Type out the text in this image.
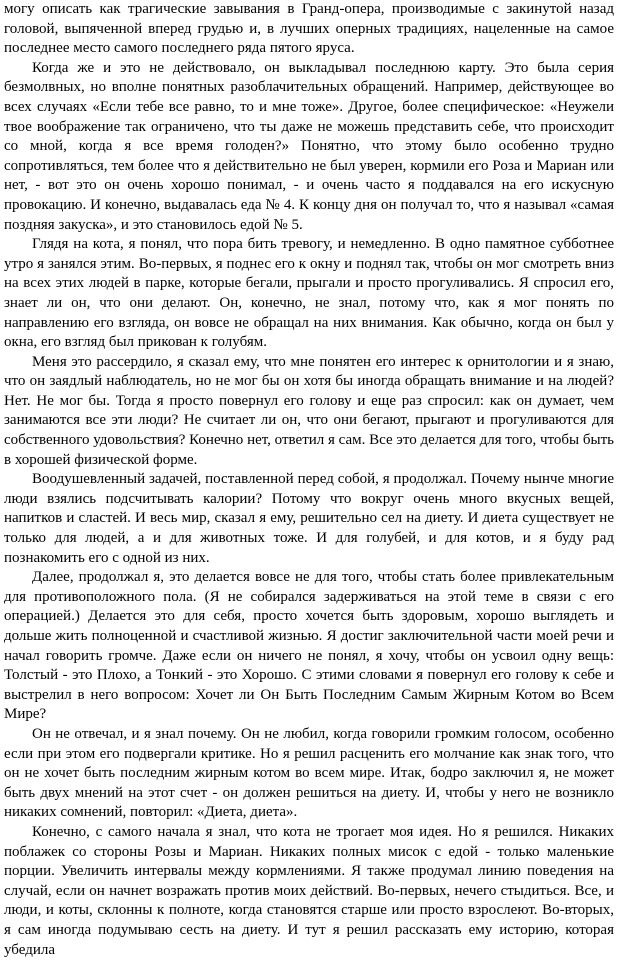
могу описать как трагические завывания в Гранд-опера, производимые с закинутой назад головой, выпяченной вперед грудью и, в лучших оперных традициях, нацеленные на самое последнее место самого последнего ряда пятого яруса.

Когда же и это не действовало, он выкладывал последнюю карту. Это была серия безмолвных, но вполне понятных разоблачительных обращений. Например, действующее во всех случаях «Если тебе все равно, то и мне тоже». Другое, более специфическое: «Неужели твое воображение так ограничено, что ты даже не можешь представить себе, что происходит со мной, когда я все время голоден?» Понятно, что этому было особенно трудно сопротивляться, тем более что я действительно не был уверен, кормили его Роза и Мариан или нет, - вот это он очень хорошо понимал, - и очень часто я поддавался на его искусную провокацию. И конечно, выдавалась еда № 4. К концу дня он получал то, что я называл «самая поздняя закуска», и это становилось едой № 5.

Глядя на кота, я понял, что пора бить тревогу, и немедленно. В одно памятное субботнее утро я занялся этим. Во-первых, я поднес его к окну и поднял так, чтобы он мог смотреть вниз на всех этих людей в парке, которые бегали, прыгали и просто прогуливались. Я спросил его, знает ли он, что они делают. Он, конечно, не знал, потому что, как я мог понять по направлению его взгляда, он вовсе не обращал на них внимания. Как обычно, когда он был у окна, его взгляд был прикован к голубям.

Меня это расcердило, я сказал ему, что мне понятен его интерес к орнитологии и я знаю, что он заядлый наблюдатель, но не мог бы он хотя бы иногда обращать внимание и на людей? Нет. Не мог бы. Тогда я просто повернул его голову и еще раз спросил: как он думает, чем занимаются все эти люди? Не считает ли он, что они бегают, прыгают и прогуливаются для собственного удовольствия? Конечно нет, ответил я сам. Все это делается для того, чтобы быть в хорошей физической форме.

Воодушевленный задачей, поставленной перед собой, я продолжал. Почему нынче многие люди взялись подсчитывать калории? Потому что вокруг очень много вкусных вещей, напитков и сластей. И весь мир, сказал я ему, решительно сел на диету. И диета существует не только для людей, а и для животных тоже. И для голубей, и для котов, и я буду рад познакомить его с одной из них.

Далее, продолжал я, это делается вовсе не для того, чтобы стать более привлекательным для противоположного пола. (Я не собирался задерживаться на этой теме в связи с его операцией.) Делается это для себя, просто хочется быть здоровым, хорошо выглядеть и дольше жить полноценной и счастливой жизнью. Я достиг заключительной части моей речи и начал говорить громче. Даже если он ничего не понял, я хочу, чтобы он усвоил одну вещь: Толстый - это Плохо, а Тонкий - это Хорошо. С этими словами я повернул его голову к себе и выстрелил в него вопросом: Хочет ли Он Быть Последним Самым Жирным Котом во Всем Мире?

Он не отвечал, и я знал почему. Он не любил, когда говорили громким голосом, особенно если при этом его подвергали критике. Но я решил расценить его молчание как знак того, что он не хочет быть последним жирным котом во всем мире. Итак, бодро заключил я, не может быть двух мнений на этот счет - он должен решиться на диету. И, чтобы у него не возникло никаких сомнений, повторил: «Диета, диета».

Конечно, с самого начала я знал, что кота не трогает моя идея. Но я решился. Никаких поблажек со стороны Розы и Мариан. Никаких полных мисок с едой - только маленькие порции. Увеличить интервалы между кормлениями. Я также продумал линию поведения на случай, если он начнет возражать против моих действий. Во-первых, нечего стыдиться. Все, и люди, и коты, склонны к полноте, когда становятся старше или просто взрослеют. Во-вторых, я сам иногда подумываю сесть на диету. И тут я решил рассказать ему историю, которая убедила
